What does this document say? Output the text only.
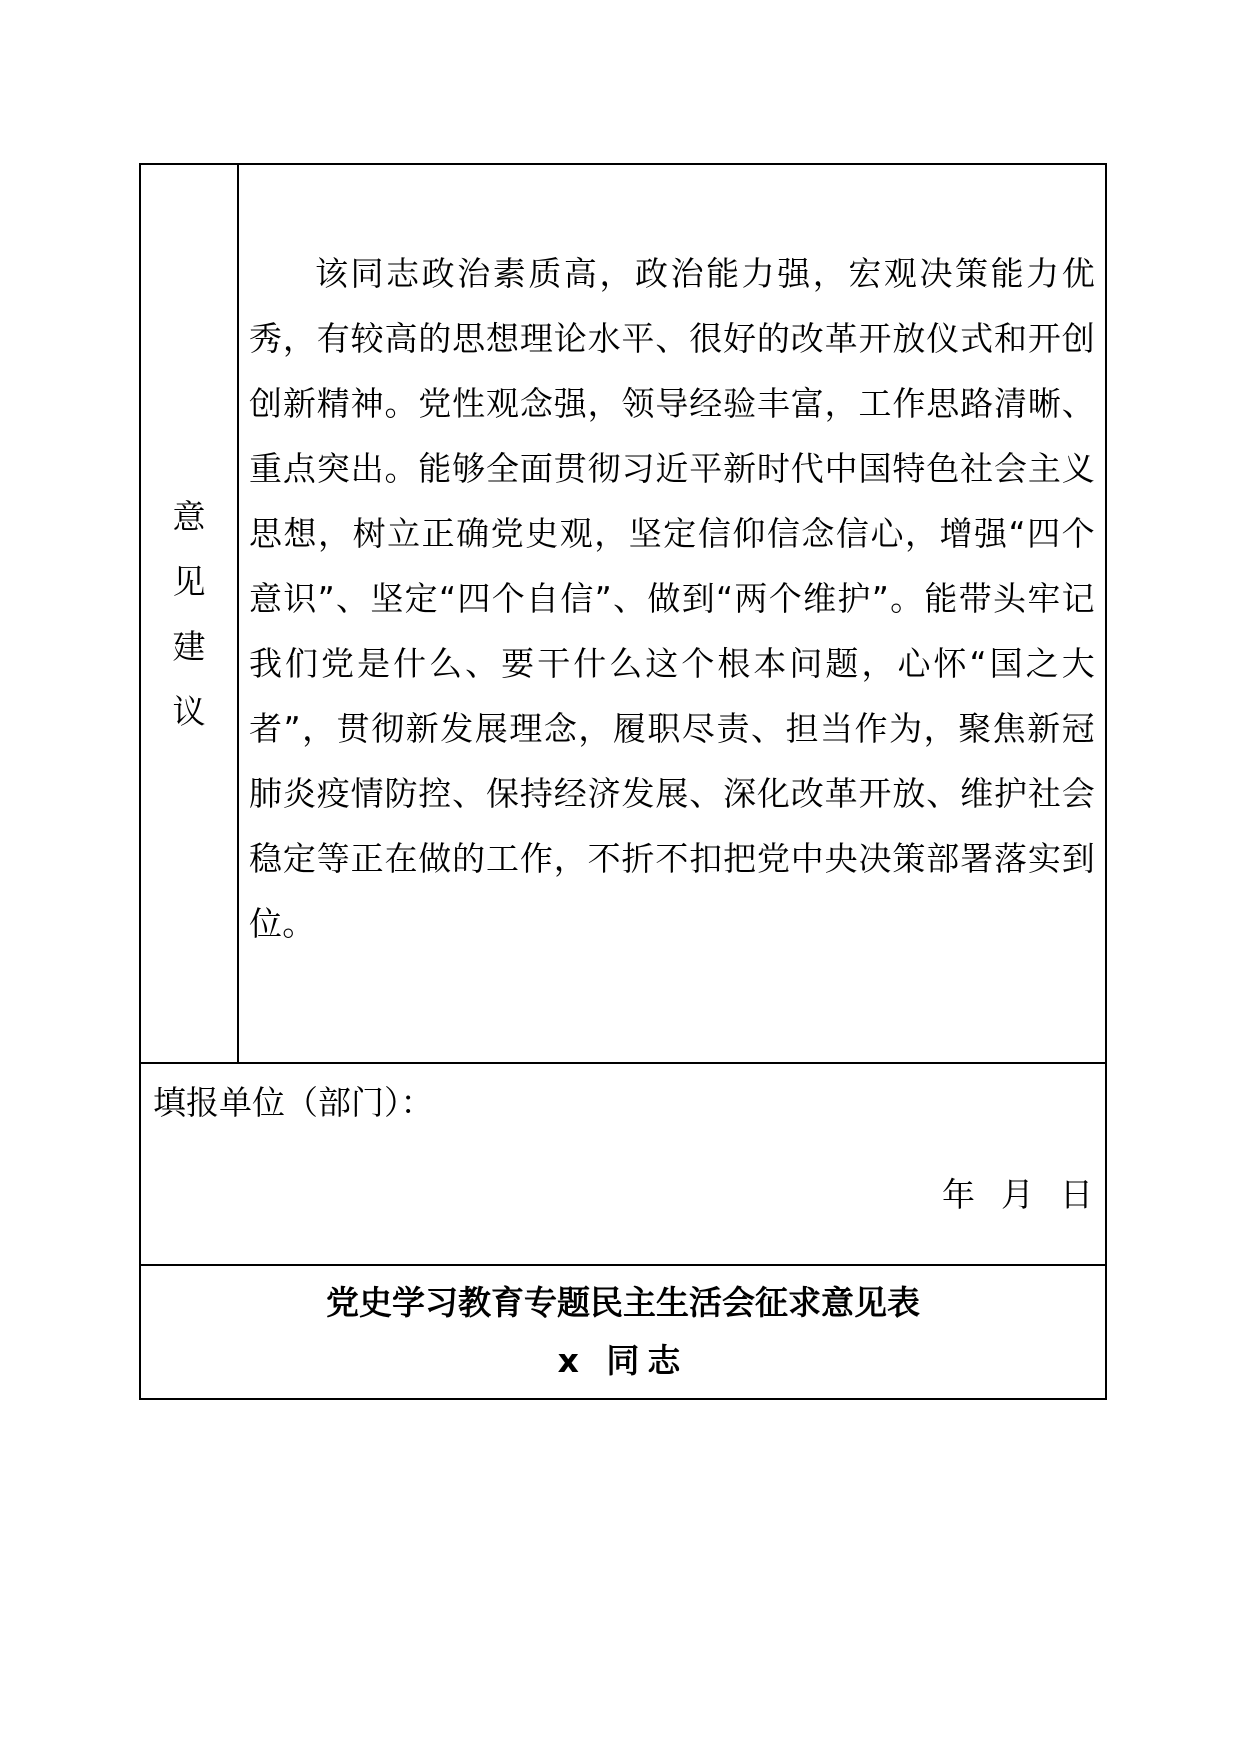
意
见
建
议

该同志政治素质高，政治能力强，宏观决策能力优秀，有较高的思想理论水平、很好的改革开放仪式和开创创新精神。党性观念强，领导经验丰富，工作思路清晰、重点突出。能够全面贯彻习近平新时代中国特色社会主义思想，树立正确党史观，坚定信仰信念信心，增强“四个意识”、坚定“四个自信”、做到“两个维护”。能带头牢记我们党是什么、要干什么这个根本问题，心怀“国之大者”，贯彻新发展理念，履职尽责、担当作为，聚焦新冠肺炎疫情防控、保持经济发展、深化改革开放、维护社会稳定等正在做的工作，不折不扣把党中央决策部署落实到位。

填报单位（部门）：
年 月 日
党史学习教育专题民主生活会征求意见表
x 同志
